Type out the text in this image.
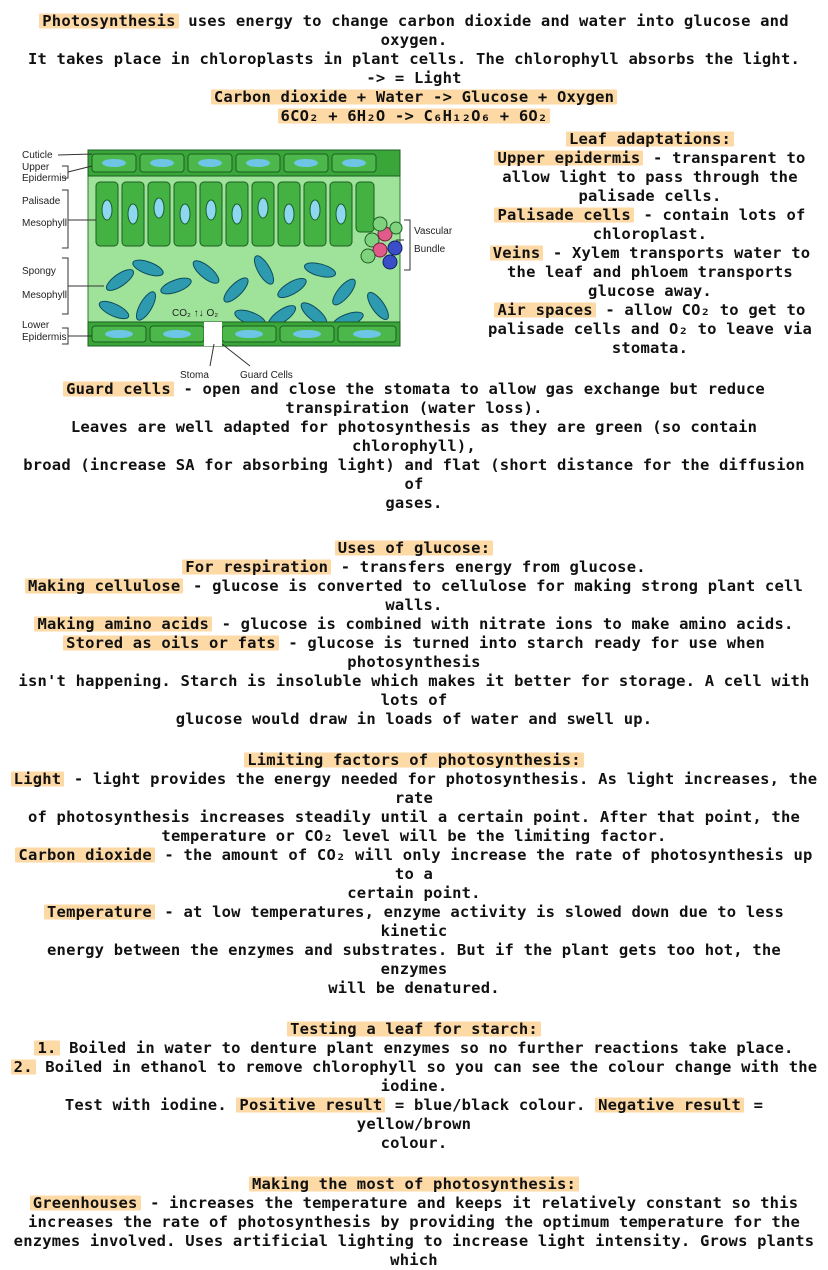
Photosynthesis uses energy to change carbon dioxide and water into glucose and oxygen.

It takes place in chloroplasts in plant cells. The chlorophyll absorbs the light.

-> = Light

Carbon dioxide + Water -> Glucose + Oxygen

6CO₂ + 6H₂O -> C₆H₁₂O₆ + 6O₂

Cuticle
Upper
Epidermis
Palisade
Mesophyll
Spongy
Mesophyll
Lower
Epidermis
Vascular
Bundle
Stoma	Guard Cells
CO₂ ↑↓ O₂

Leaf adaptations:

Upper epidermis - transparent to

allow light to pass through the

palisade cells.

Palisade cells - contain lots of

chloroplast.

Veins - Xylem transports water to

the leaf and phloem transports

glucose away.

Air spaces - allow CO₂ to get to

palisade cells and O₂ to leave via

stomata.

Guard cells - open and close the stomata to allow gas exchange but reduce

transpiration (water loss).

Leaves are well adapted for photosynthesis as they are green (so contain chlorophyll),

broad (increase SA for absorbing light) and flat (short distance for the diffusion of

gases.

Uses of glucose:

For respiration - transfers energy from glucose.

Making cellulose - glucose is converted to cellulose for making strong plant cell walls.

Making amino acids - glucose is combined with nitrate ions to make amino acids.

Stored as oils or fats - glucose is turned into starch ready for use when photosynthesis

isn't happening. Starch is insoluble which makes it better for storage. A cell with lots of

glucose would draw in loads of water and swell up.

Limiting factors of photosynthesis:

Light - light provides the energy needed for photosynthesis. As light increases, the rate

of photosynthesis increases steadily until a certain point. After that point, the

temperature or CO₂ level will be the limiting factor.

Carbon dioxide - the amount of CO₂ will only increase the rate of photosynthesis up to a

certain point.

Temperature - at low temperatures, enzyme activity is slowed down due to less kinetic

energy between the enzymes and substrates. But if the plant gets too hot, the enzymes

will be denatured.

Testing a leaf for starch:

1. Boiled in water to denture plant enzymes so no further reactions take place.

2. Boiled in ethanol to remove chlorophyll so you can see the colour change with the

iodine.

Test with iodine. Positive result = blue/black colour. Negative result = yellow/brown

colour.

Making the most of photosynthesis:

Greenhouses - increases the temperature and keeps it relatively constant so this

increases the rate of photosynthesis by providing the optimum temperature for the

enzymes involved. Uses artificial lighting to increase light intensity. Grows plants which
